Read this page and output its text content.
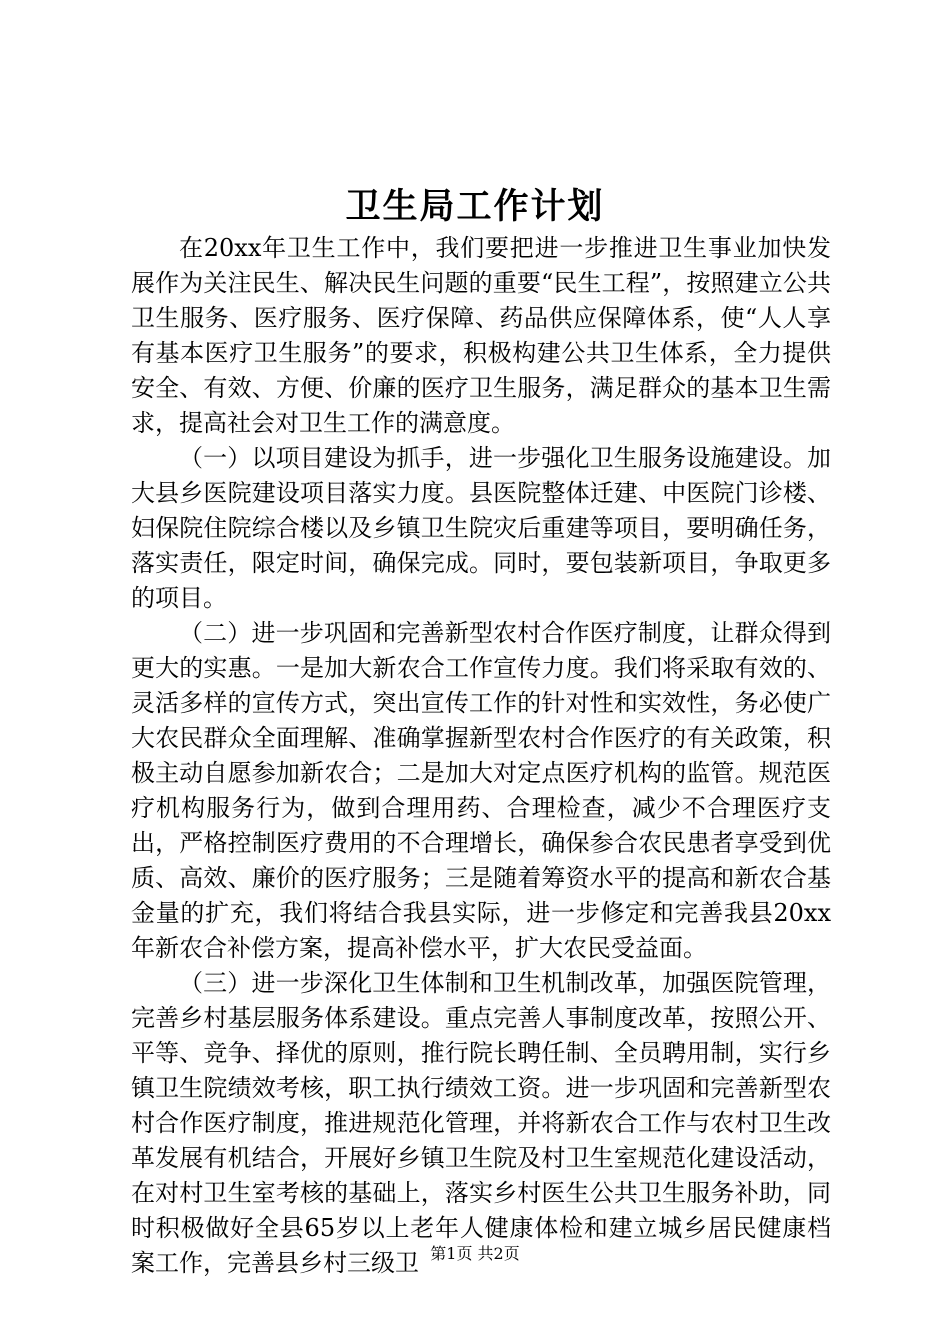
卫生局工作计划

在20xx年卫生工作中，我们要把进一步推进卫生事业加快发展作为关注民生、解决民生问题的重要“民生工程”，按照建立公共卫生服务、医疗服务、医疗保障、药品供应保障体系，使“人人享有基本医疗卫生服务”的要求，积极构建公共卫生体系，全力提供安全、有效、方便、价廉的医疗卫生服务，满足群众的基本卫生需求，提高社会对卫生工作的满意度。

（一）以项目建设为抓手，进一步强化卫生服务设施建设。加大县乡医院建设项目落实力度。县医院整体迁建、中医院门诊楼、妇保院住院综合楼以及乡镇卫生院灾后重建等项目，要明确任务，落实责任，限定时间，确保完成。同时，要包装新项目，争取更多的项目。

（二）进一步巩固和完善新型农村合作医疗制度，让群众得到更大的实惠。一是加大新农合工作宣传力度。我们将采取有效的、灵活多样的宣传方式，突出宣传工作的针对性和实效性，务必使广大农民群众全面理解、准确掌握新型农村合作医疗的有关政策，积极主动自愿参加新农合；二是加大对定点医疗机构的监管。规范医疗机构服务行为，做到合理用药、合理检查，减少不合理医疗支出，严格控制医疗费用的不合理增长，确保参合农民患者享受到优质、高效、廉价的医疗服务；三是随着筹资水平的提高和新农合基金量的扩充，我们将结合我县实际，进一步修定和完善我县20xx年新农合补偿方案，提高补偿水平，扩大农民受益面。

（三）进一步深化卫生体制和卫生机制改革，加强医院管理，完善乡村基层服务体系建设。重点完善人事制度改革，按照公开、平等、竞争、择优的原则，推行院长聘任制、全员聘用制，实行乡镇卫生院绩效考核，职工执行绩效工资。进一步巩固和完善新型农村合作医疗制度，推进规范化管理，并将新农合工作与农村卫生改革发展有机结合，开展好乡镇卫生院及村卫生室规范化建设活动，在对村卫生室考核的基础上，落实乡村医生公共卫生服务补助，同时积极做好全县65岁以上老年人健康体检和建立城乡居民健康档案工作，完善县乡村三级卫 第1页 共2页
